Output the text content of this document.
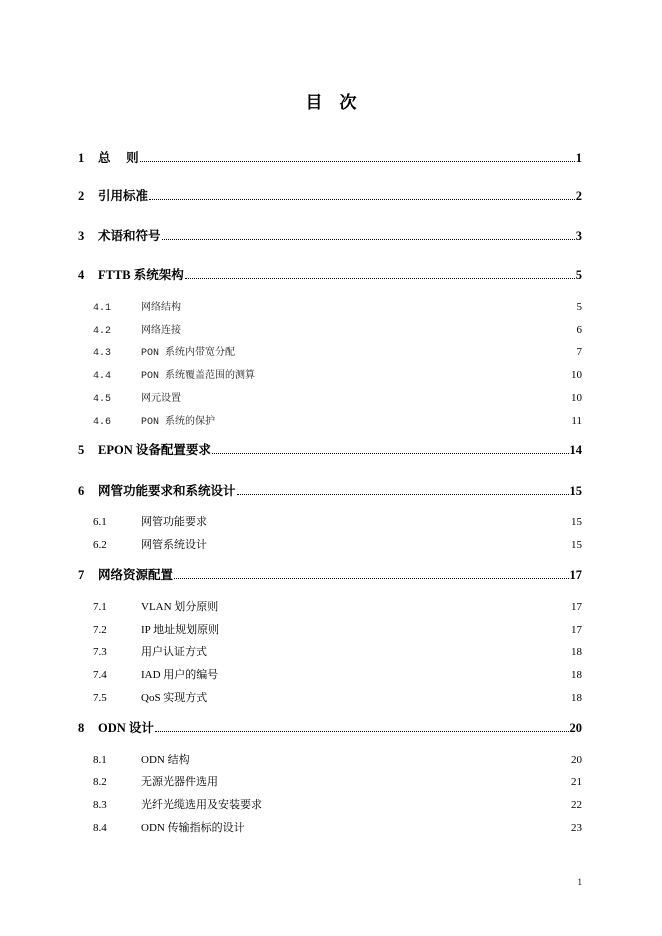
目　次
1	总　 则	1
2	引用标准	2
3	术语和符号	3
4	FTTB 系统架构	5
4.1	网络结构	5
4.2	网络连接	6
4.3	PON 系统内带宽分配	7
4.4	PON 系统覆盖范围的测算	10
4.5	网元设置	10
4.6	PON 系统的保护	11
5	EPON 设备配置要求	14
6	网管功能要求和系统设计	15
6.1	网管功能要求	15
6.2	网管系统设计	15
7	网络资源配置	17
7.1	VLAN 划分原则	17
7.2	IP 地址规划原则	17
7.3	用户认证方式	18
7.4	IAD 用户的编号	18
7.5	QoS 实现方式	18
8	ODN 设计	20
8.1	ODN 结构	20
8.2	无源光器件选用	21
8.3	光纤光缆选用及安装要求	22
8.4	ODN 传输指标的设计	23
1
